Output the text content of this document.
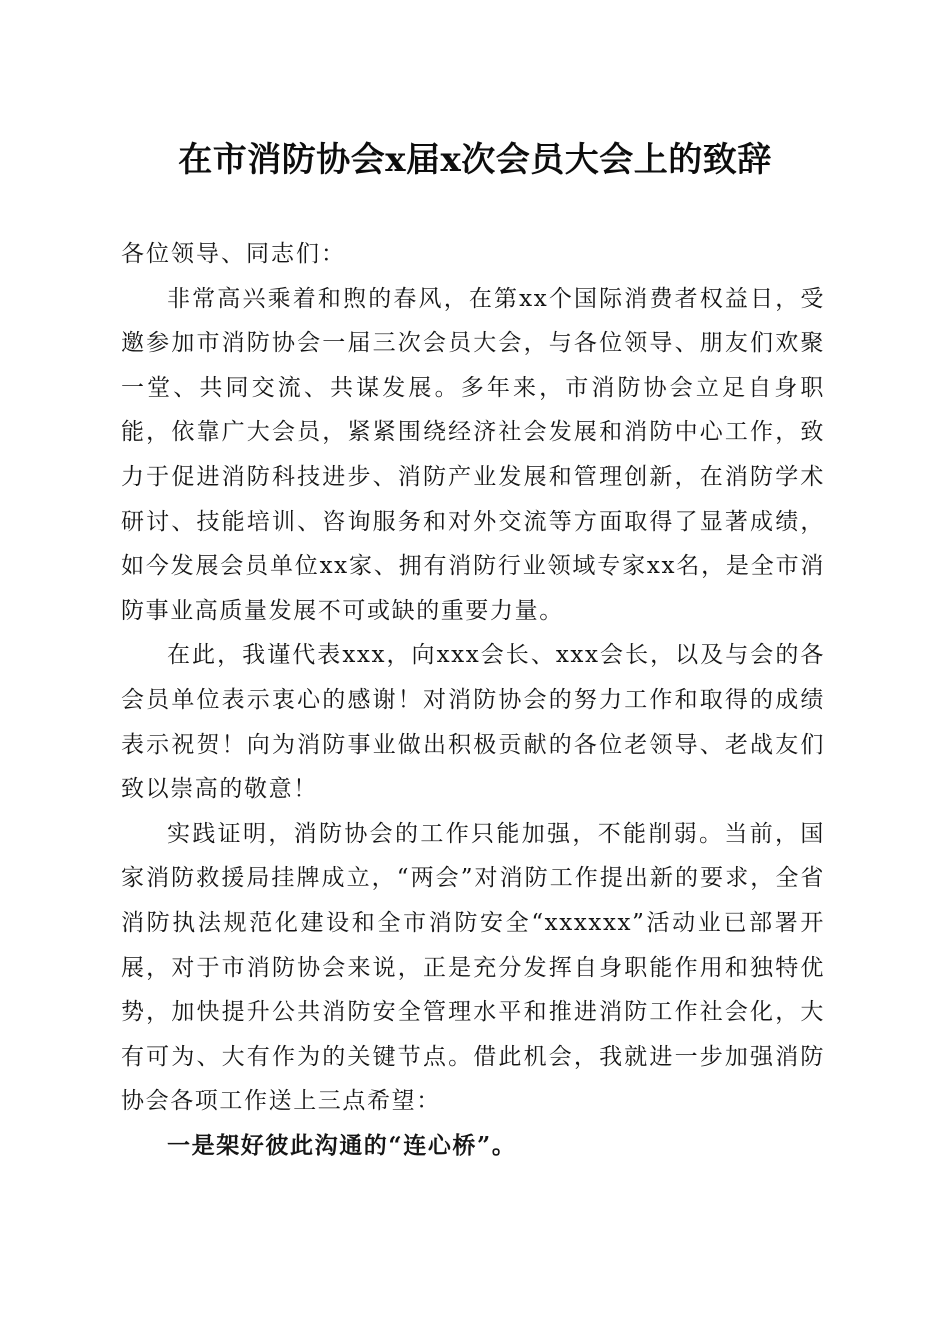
在市消防协会x届x次会员大会上的致辞

各位领导、同志们：

非常高兴乘着和煦的春风，在第xx个国际消费者权益日，受邀参加市消防协会一届三次会员大会，与各位领导、朋友们欢聚一堂、共同交流、共谋发展。多年来，市消防协会立足自身职能，依靠广大会员，紧紧围绕经济社会发展和消防中心工作，致力于促进消防科技进步、消防产业发展和管理创新，在消防学术研讨、技能培训、咨询服务和对外交流等方面取得了显著成绩，如今发展会员单位xx家、拥有消防行业领域专家xx名，是全市消防事业高质量发展不可或缺的重要力量。

在此，我谨代表xxx，向xxx会长、xxx会长，以及与会的各会员单位表示衷心的感谢！对消防协会的努力工作和取得的成绩表示祝贺！向为消防事业做出积极贡献的各位老领导、老战友们致以崇高的敬意！

实践证明，消防协会的工作只能加强，不能削弱。当前，国家消防救援局挂牌成立，“两会”对消防工作提出新的要求，全省消防执法规范化建设和全市消防安全“xxxxxx”活动业已部署开展，对于市消防协会来说，正是充分发挥自身职能作用和独特优势，加快提升公共消防安全管理水平和推进消防工作社会化，大有可为、大有作为的关键节点。借此机会，我就进一步加强消防协会各项工作送上三点希望：

一是架好彼此沟通的“连心桥”。
